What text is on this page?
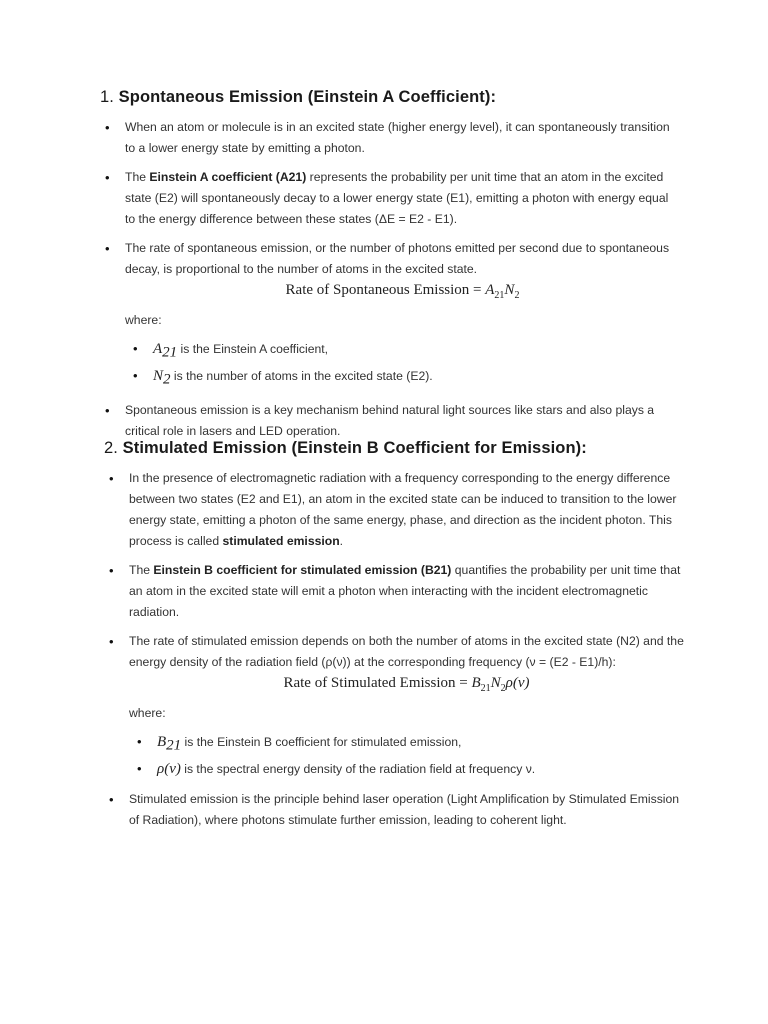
1. Spontaneous Emission (Einstein A Coefficient):
• When an atom or molecule is in an excited state (higher energy level), it can spontaneously transition to a lower energy state by emitting a photon.
• The Einstein A coefficient (A21) represents the probability per unit time that an atom in the excited state (E2) will spontaneously decay to a lower energy state (E1), emitting a photon with energy equal to the energy difference between these states (ΔE = E2 - E1).
• The rate of spontaneous emission, or the number of photons emitted per second due to spontaneous decay, is proportional to the number of atoms in the excited state.
Rate of Spontaneous Emission = $A_{21}N_2$
where:
• $A_{21}$ is the Einstein A coefficient,
• $N_2$ is the number of atoms in the excited state (E2).
• Spontaneous emission is a key mechanism behind natural light sources like stars and also plays a critical role in lasers and LED operation.
2. Stimulated Emission (Einstein B Coefficient for Emission):
• In the presence of electromagnetic radiation with a frequency corresponding to the energy difference between two states (E2 and E1), an atom in the excited state can be induced to transition to the lower energy state, emitting a photon of the same energy, phase, and direction as the incident photon. This process is called stimulated emission.
• The Einstein B coefficient for stimulated emission (B21) quantifies the probability per unit time that an atom in the excited state will emit a photon when interacting with the incident electromagnetic radiation.
• The rate of stimulated emission depends on both the number of atoms in the excited state (N2) and the energy density of the radiation field (ρ(ν)) at the corresponding frequency (ν = (E2 - E1)/h):
Rate of Stimulated Emission = $B_{21}N_2\rho(\nu)$
where:
• $B_{21}$ is the Einstein B coefficient for stimulated emission,
• ρ(ν) is the spectral energy density of the radiation field at frequency ν.
• Stimulated emission is the principle behind laser operation (Light Amplification by Stimulated Emission of Radiation), where photons stimulate further emission, leading to coherent light.
